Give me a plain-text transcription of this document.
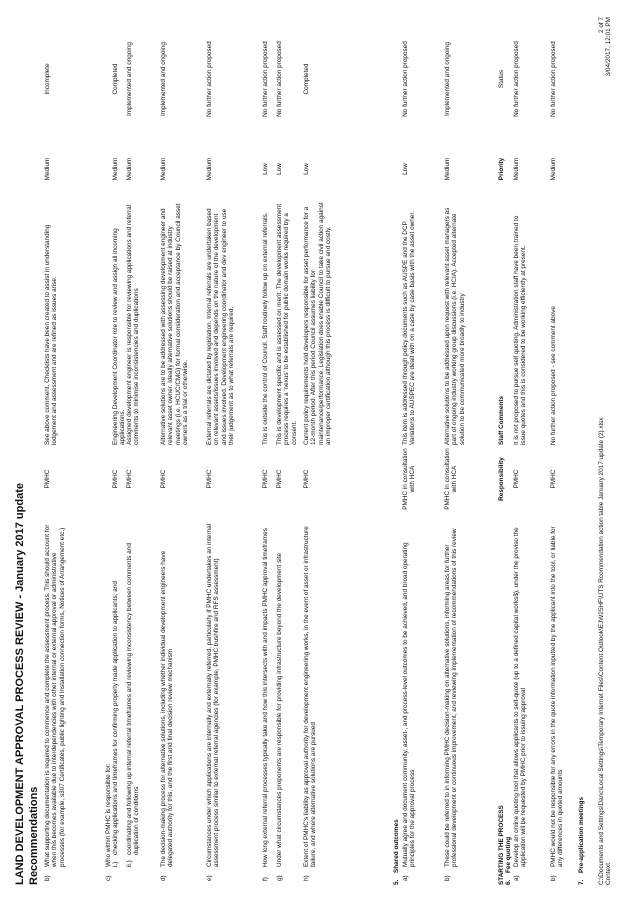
LAND DEVELOPMENT APPROVAL PROCESS REVIEW - January 2017 update Recommendations b)
What supporting documentation is required to commence and complete the assessment process. This should account for when this becomes available due to interdependencies with other internal or external approval or administrative processes (for example, s307 Certificates, public lighting and installation connection forms, Notices of Arrangement etc.)
PMHC
See above comment. Checklists have been created to assist in understanding lodgement and assessment and are refined as issues arise.
Medium
Incomplete
c)
Who within PMHC is responsible for: i.)
checking applications and timeframes for confirming properly made application to applicants; and
PMHC
Engineering Development Coordinator role to review and assign all incoming applications.
Medium
Completed
ii.)
coordinating and following up internal referral timeframes and reviewing inconsistency between comments and duplication of conditions
PMHC
Assigned development engineer is responsible for reviewing applications and referral comments to minimise inconsistencies and duplications
Medium
Implemented and ongoing
d)
The decision-making process for alternative solutions, including whether individual development engineers have delegated authority for this, and the first and final decision review mechanism
PMHC
Alternative solutions are to be addressed with assessing development engineer and relevant asset owner. Ideally alternative solutions should be raised at industry meetings (i.e. HCUC/CMG) for formal consideration and acceptance by Council asset owners as a trial or otherwise.
Medium
Implemented and ongoing
e)
Circumstances under which applications are internally and externally referred, particularly if PMHC undertakes an internal assessment process similar to external referral agencies (for example, PMHC bushfire and RFS assessment)
PMHC
External referrals are dictated by legislation. Internal referrals are undertaken based on relevant assets/issues involved and depends on the nature of the development and issues involved. Development engineering coordinator and dev engineer to use their judgement as to what referrals are required.
Medium
No further action proposed
f)
How long external referral processes typically take and how this intersects with and impacts PMHC approval timeframes
PMHC
This is outside the control of Council. Staff routinely follow up on external referrals.
Low
No further action proposed
g)
Under what circumstances proponents are responsible for providing infrastructure beyond the development site
PMHC
This is development specific and is assessed on merit. The development assessment process requires a 'nexus' to be established for public domain works required by a consent.
Low
No further action proposed
h)
Extent of PMHC's liability as approval authority for development engineering works, in the event of asset or infrastructure failure, and where alternative solutions are pursued
PMHC
Current policy requirements hold developers responsible for asset performance for a 12-month period. After this period Council assumes liability for maintenance/performance. Legislation does enable Council to take civil action against an improper certification although this process is difficult to pursue and costly.
Low
Completed
5.
Shared outcomes
a)
Mutually agree and document community, asset-, and process-level outcomes to be achieved, and broad operating principles for the approval process
PMHC in consultation with HCA
This item is addressed through policy documents such as AUSPE and the DCP. Variations to AUSPEC are dealt with on a case by case basis with the asset owner.
Low
No further action proposed
b)
These could be referred to in informing PMHC decision-making on alternative solutions, informing areas for further professional development or continuous improvement, and reviewing implementation of recommendations of this review
PMHC in consultation with HCA
Alternative solutions to be addressed upon request with relevant asset managers as part of ongoing industry working group discussions (i.e. HCIA). Accepted alternate solution to be communicated more broadly to industry
Medium
Implemented and ongoing
STARTING THE PROCESS
Responsibility
Staff Comments
Priority
Status
6.
Fee quoting
a)
Develop an online quoting tool that allows applicants to self-quote (up to a defined capital works$), under the proviso the application will be requested by PMHC prior to issuing approval
PMHC
It is not proposed to pursue self quoting. Administration staff have been trained to issue quotes and this is considered to be working efficiently at present.
Medium
No further action proposed
b)
PMHC would not be responsible for any errors in the quote information inputted by the applicant into the tool, or liable for any differences in quoted amounts
PMHC
No further action proposed - see comment above
Medium
No further action proposed
7.
Pre-application meetings C:\Documents and Settings\Danc\Local Settings\Temporary Internet Files\Content.Outlook\EJW25HF\UTS Rcommendation action table January 2017 update (2).xlsx Context
2 of 7 3/04/2017, 12:01 PM
